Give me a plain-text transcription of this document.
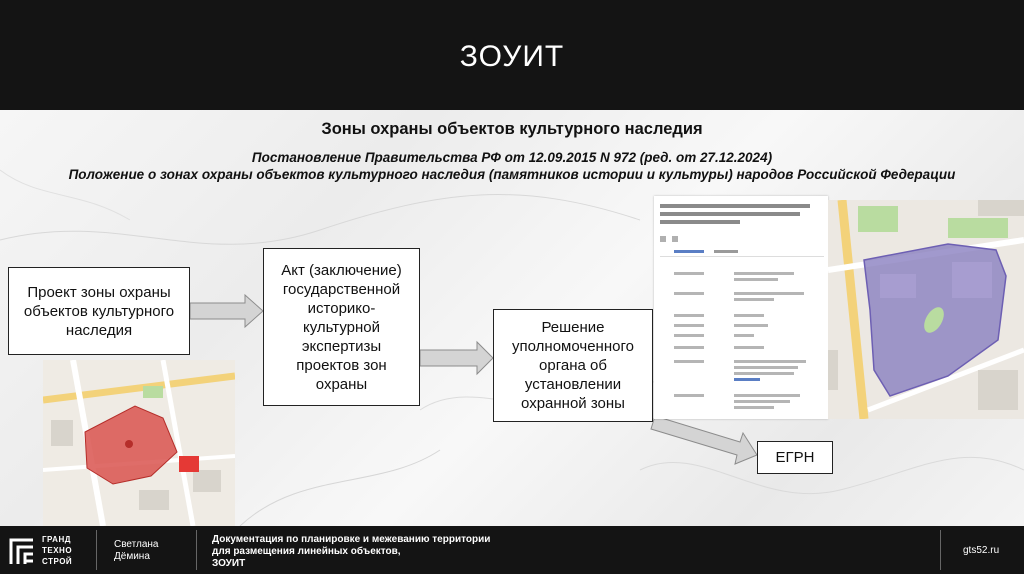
ЗОУИТ
Зоны охраны объектов культурного наследия
Постановление Правительства РФ от 12.09.2015 N 972 (ред. от 27.12.2024)
Положение о зонах охраны объектов культурного наследия (памятников истории и культуры) народов Российской Федерации
Проект зоны охраны объектов культурного наследия
Акт (заключение) государственной историко-культурной экспертизы проектов зон охраны
Решение уполномоченного органа об установлении охранной зоны
ЕГРН
ГРАНД
ТЕХНО
СТРОЙ
Светлана
Дёмина
Документация по планировке и межеванию территории
для размещения линейных объектов,
ЗОУИТ
gts52.ru
